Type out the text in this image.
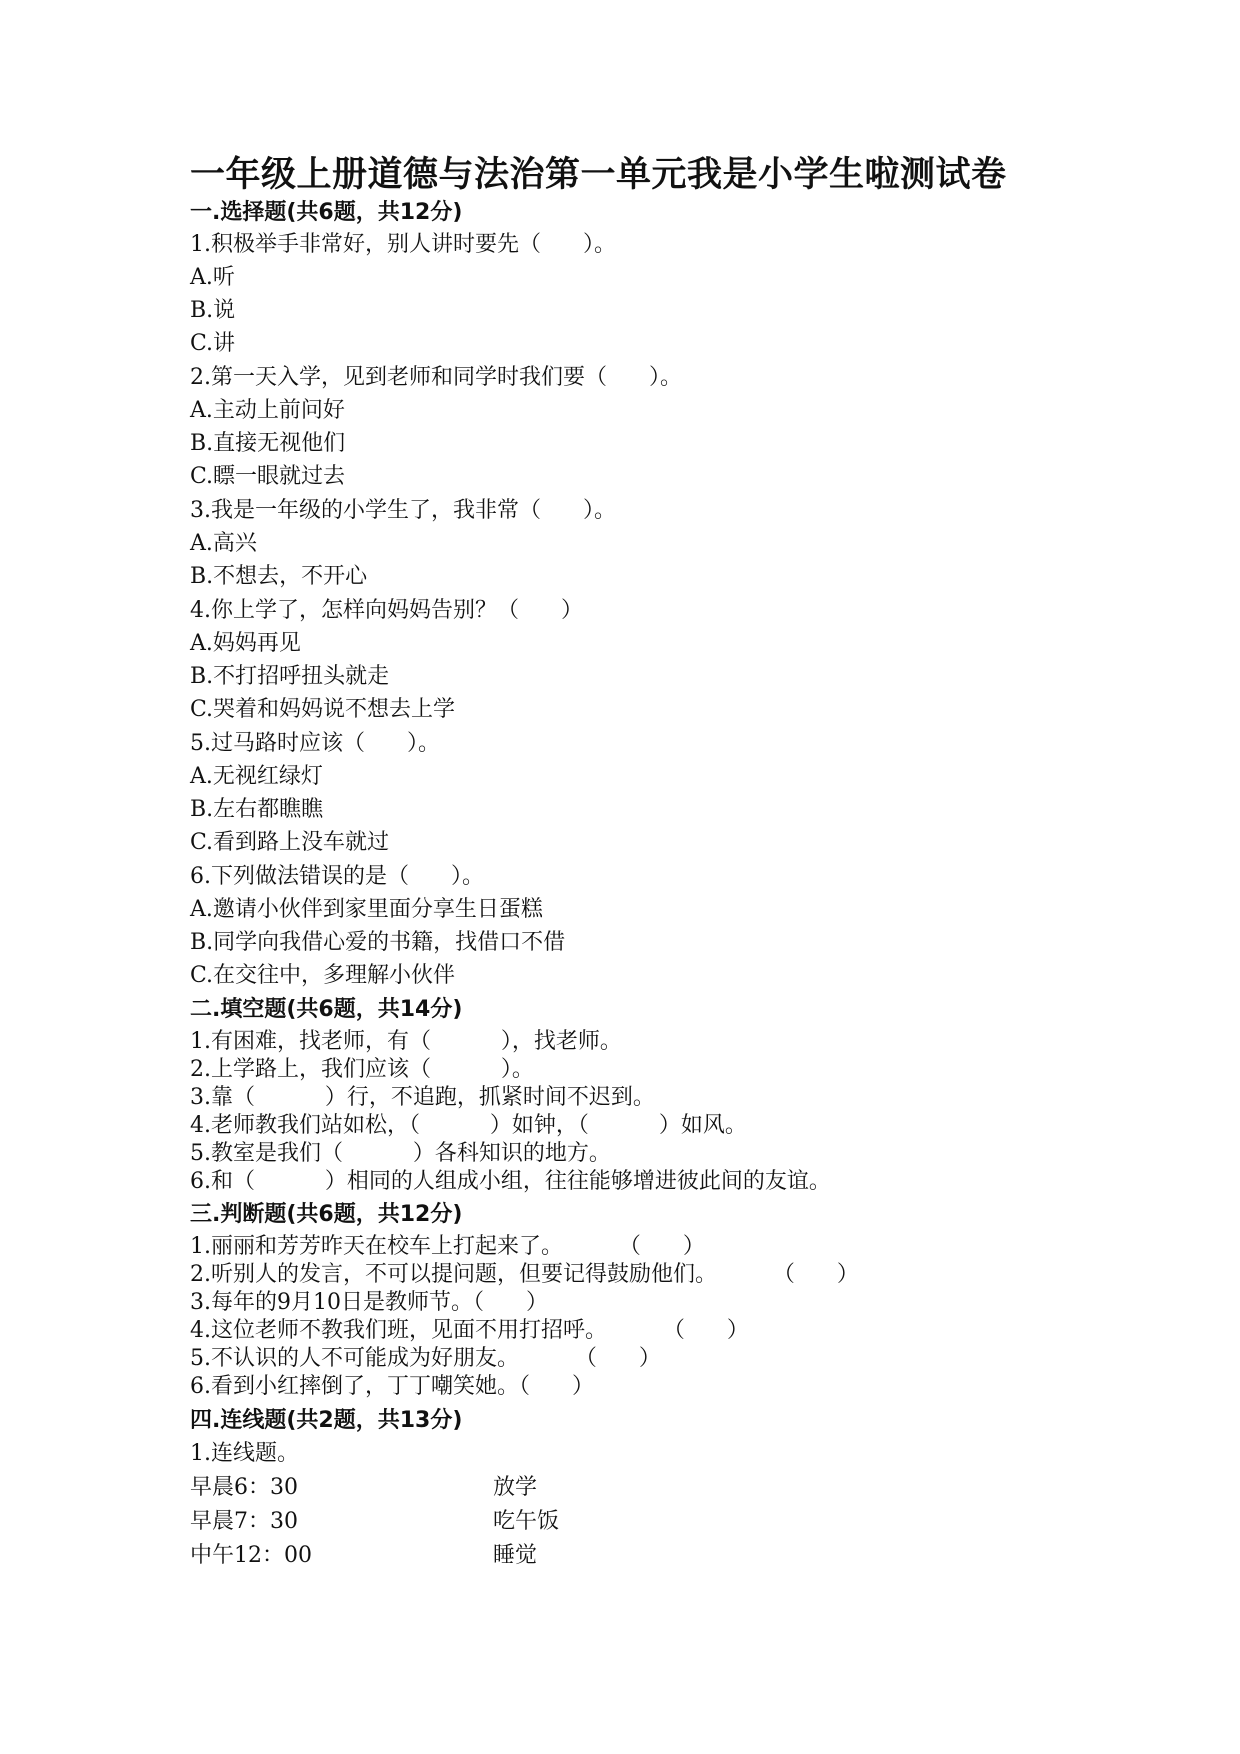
一年级上册道德与法治第一单元我是小学生啦测试卷
一.选择题(共6题，共12分)
1.积极举手非常好，别人讲时要先（      ）。
A.听
B.说
C.讲
2.第一天入学，见到老师和同学时我们要（      ）。
A.主动上前问好
B.直接无视他们
C.瞟一眼就过去
3.我是一年级的小学生了，我非常（      ）。
A.高兴
B.不想去，不开心
4.你上学了，怎样向妈妈告别？（      ）
A.妈妈再见
B.不打招呼扭头就走
C.哭着和妈妈说不想去上学
5.过马路时应该（      ）。
A.无视红绿灯
B.左右都瞧瞧
C.看到路上没车就过
6.下列做法错误的是（      ）。
A.邀请小伙伴到家里面分享生日蛋糕
B.同学向我借心爱的书籍，找借口不借
C.在交往中，多理解小伙伴
二.填空题(共6题，共14分)
1.有困难，找老师，有（          ），找老师。
2.上学路上，我们应该（          ）。
3.靠（          ）行，不追跑，抓紧时间不迟到。
4.老师教我们站如松，（          ）如钟，（          ）如风。
5.教室是我们（          ）各科知识的地方。
6.和（          ）相同的人组成小组，往往能够增进彼此间的友谊。
三.判断题(共6题，共12分)
1.丽丽和芳芳昨天在校车上打起来了。        （      ）
2.听别人的发言，不可以提问题，但要记得鼓励他们。        （      ）
3.每年的9月10日是教师节。（      ）
4.这位老师不教我们班，见面不用打招呼。        （      ）
5.不认识的人不可能成为好朋友。        （      ）
6.看到小红摔倒了，丁丁嘲笑她。（      ）
四.连线题(共2题，共13分)
1.连线题。
早晨6：30	放学
早晨7：30	吃午饭
中午12：00	睡觉
